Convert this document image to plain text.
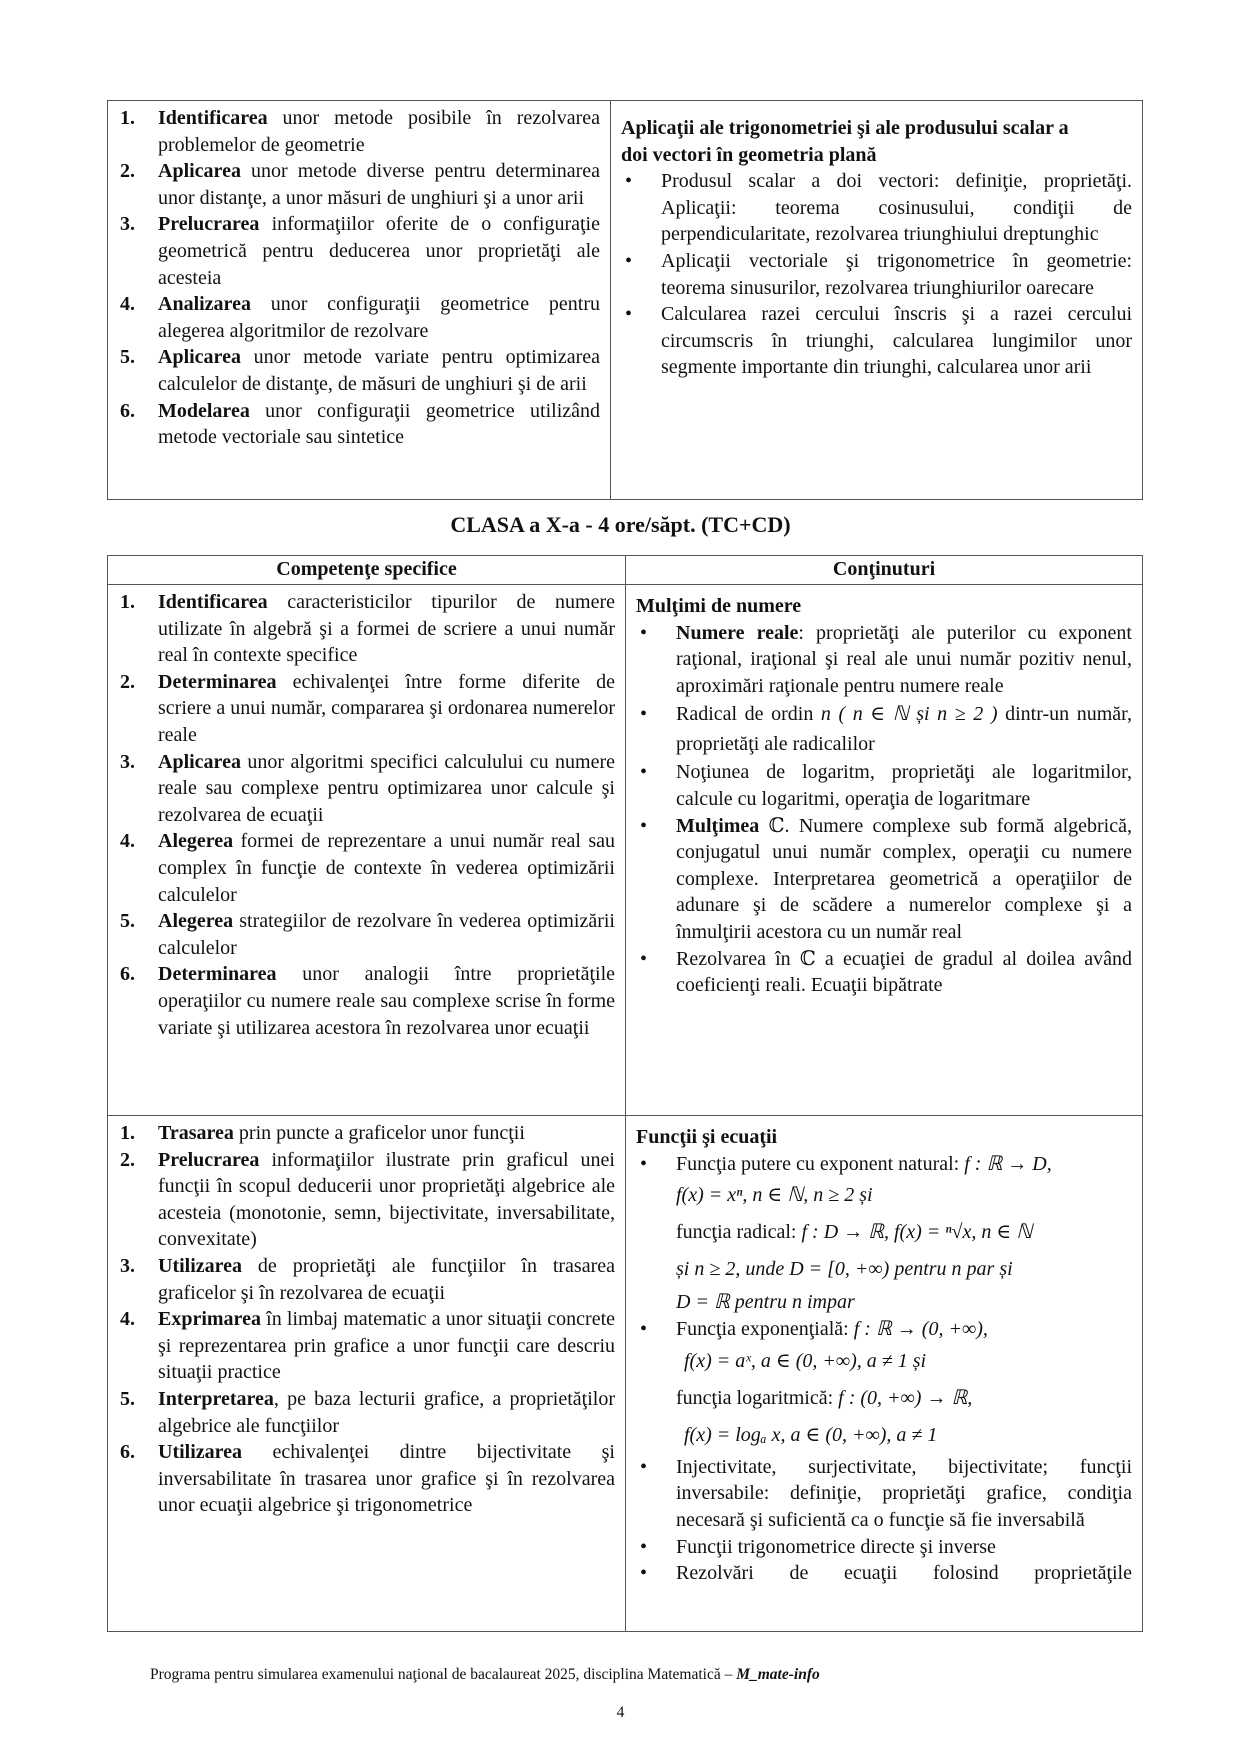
1. Identificarea unor metode posibile în rezolvarea problemelor de geometrie
2. Aplicarea unor metode diverse pentru determinarea unor distanţe, a unor măsuri de unghiuri şi a unor arii
3. Prelucrarea informaţiilor oferite de o configuraţie geometrică pentru deducerea unor proprietăţi ale acesteia
4. Analizarea unor configuraţii geometrice pentru alegerea algoritmilor de rezolvare
5. Aplicarea unor metode variate pentru optimizarea calculelor de distanţe, de măsuri de unghiuri şi de arii
6. Modelarea unor configuraţii geometrice utilizând metode vectoriale sau sintetice

Aplicaţii ale trigonometriei şi ale produsului scalar a doi vectori în geometria plană
• Produsul scalar a doi vectori: definiţie, proprietăţi. Aplicaţii: teorema cosinusului, condiţii de perpendicularitate, rezolvarea triunghiului dreptunghic
• Aplicaţii vectoriale şi trigonometrice în geometrie: teorema sinusurilor, rezolvarea triunghiurilor oarecare
• Calcularea razei cercului înscris şi a razei cercului circumscris în triunghi, calcularea lungimilor unor segmente importante din triunghi, calcularea unor arii
CLASA a X-a - 4 ore/săpt. (TC+CD)
Competenţe specifice	Conţinuturi

1. Identificarea caracteristicilor tipurilor de numere utilizate în algebră şi a formei de scriere a unui număr real în contexte specifice
2. Determinarea echivalenţei între forme diferite de scriere a unui număr, compararea şi ordonarea numerelor reale
3. Aplicarea unor algoritmi specifici calculului cu numere reale sau complexe pentru optimizarea unor calcule şi rezolvarea de ecuaţii
4. Alegerea formei de reprezentare a unui număr real sau complex în funcţie de contexte în vederea optimizării calculelor
5. Alegerea strategiilor de rezolvare în vederea optimizării calculelor
6. Determinarea unor analogii între proprietăţile operaţiilor cu numere reale sau complexe scrise în forme variate şi utilizarea acestora în rezolvarea unor ecuaţii

Mulţimi de numere
• Numere reale: proprietăţi ale puterilor cu exponent raţional, iraţional şi real ale unui număr pozitiv nenul, aproximări raţionale pentru numere reale
• Radical de ordin n ( n ∈ ℕ și n ≥ 2 ) dintr-un număr, proprietăţi ale radicalilor
• Noţiunea de logaritm, proprietăţi ale logaritmilor, calcule cu logaritmi, operaţia de logaritmare
• Mulţimea ℂ. Numere complexe sub formă algebrică, conjugatul unui număr complex, operaţii cu numere complexe. Interpretarea geometrică a operaţiilor de adunare şi de scădere a numerelor complexe şi a înmulţirii acestora cu un număr real
• Rezolvarea în ℂ a ecuaţiei de gradul al doilea având coeficienţi reali. Ecuaţii bipătrate

1. Trasarea prin puncte a graficelor unor funcţii
2. Prelucrarea informaţiilor ilustrate prin graficul unei funcţii în scopul deducerii unor proprietăţi algebrice ale acesteia (monotonie, semn, bijectivitate, inversabilitate, convexitate)
3. Utilizarea de proprietăţi ale funcţiilor în trasarea graficelor şi în rezolvarea de ecuaţii
4. Exprimarea în limbaj matematic a unor situaţii concrete şi reprezentarea prin grafice a unor funcţii care descriu situaţii practice
5. Interpretarea, pe baza lecturii grafice, a proprietăţilor algebrice ale funcţiilor
6. Utilizarea echivalenţei dintre bijectivitate şi inversabilitate în trasarea unor grafice şi în rezolvarea unor ecuaţii algebrice şi trigonometrice

Funcţii şi ecuaţii
• Funcţia putere cu exponent natural: f : ℝ → D,
f(x) = xⁿ, n ∈ ℕ, n ≥ 2 și
funcţia radical: f : D → ℝ, f(x) = ⁿ√x, n ∈ ℕ
și n ≥ 2, unde D = [0, +∞) pentru n par și
D = ℝ pentru n impar
• Funcţia exponenţială: f : ℝ → (0, +∞),
f(x) = aˣ, a ∈ (0, +∞), a ≠ 1 și
funcţia logaritmică: f : (0, +∞) → ℝ,
f(x) = logₐ x, a ∈ (0, +∞), a ≠ 1
• Injectivitate, surjectivitate, bijectivitate; funcţii inversabile: definiţie, proprietăţi grafice, condiţia necesară şi suficientă ca o funcţie să fie inversabilă
• Funcţii trigonometrice directe şi inverse
• Rezolvări de ecuaţii folosind proprietăţile
Programa pentru simularea examenului naţional de bacalaureat 2025, disciplina Matematică – M_mate-info
4
